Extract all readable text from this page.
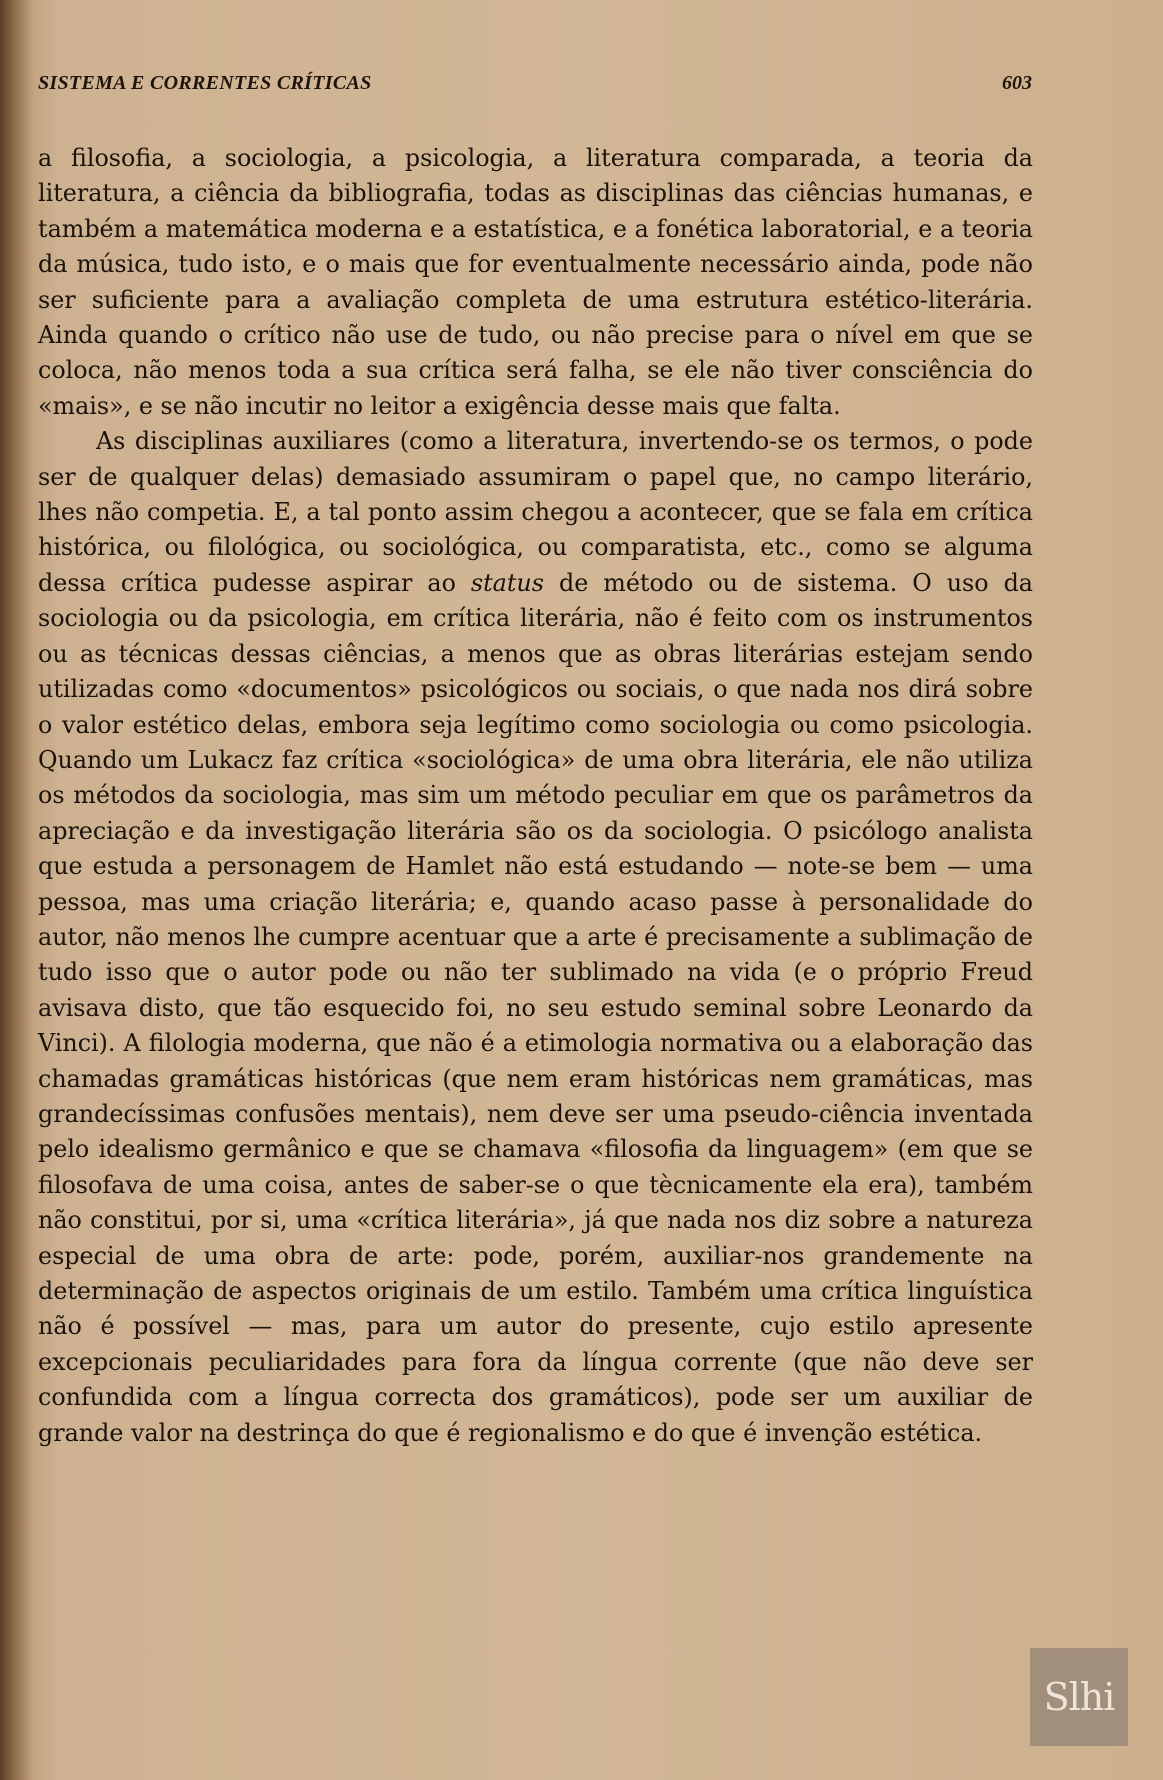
SISTEMA E CORRENTES CRÍTICAS	603

a filosofia, a sociologia, a psicologia, a literatura comparada, a teoria da literatura, a ciência da bibliografia, todas as disciplinas das ciências humanas, e também a matemática moderna e a estatística, e a fonética laboratorial, e a teoria da música, tudo isto, e o mais que for eventualmente necessário ainda, pode não ser suficiente para a avaliação completa de uma estrutura estético-literária. Ainda quando o crítico não use de tudo, ou não precise para o nível em que se coloca, não menos toda a sua crítica será falha, se ele não tiver consciência do «mais», e se não incutir no leitor a exigência desse mais que falta.

As disciplinas auxiliares (como a literatura, invertendo-se os termos, o pode ser de qualquer delas) demasiado assumiram o papel que, no campo literário, lhes não competia. E, a tal ponto assim chegou a acontecer, que se fala em crítica histórica, ou filológica, ou sociológica, ou comparatista, etc., como se alguma dessa crítica pudesse aspirar ao status de método ou de sistema. O uso da sociologia ou da psicologia, em crítica literária, não é feito com os instrumentos ou as técnicas dessas ciências, a menos que as obras literárias estejam sendo utilizadas como «documentos» psicológicos ou sociais, o que nada nos dirá sobre o valor estético delas, embora seja legítimo como sociologia ou como psicologia. Quando um Lukacz faz crítica «sociológica» de uma obra literária, ele não utiliza os métodos da sociologia, mas sim um método peculiar em que os parâmetros da apreciação e da investigação literária são os da sociologia. O psicólogo analista que estuda a personagem de Hamlet não está estudando — note-se bem — uma pessoa, mas uma criação literária; e, quando acaso passe à personalidade do autor, não menos lhe cumpre acentuar que a arte é precisamente a sublimação de tudo isso que o autor pode ou não ter sublimado na vida (e o próprio Freud avisava disto, que tão esquecido foi, no seu estudo seminal sobre Leonardo da Vinci). A filologia moderna, que não é a etimologia normativa ou a elaboração das chamadas gramáticas históricas (que nem eram históricas nem gramáticas, mas grandecíssimas confusões mentais), nem deve ser uma pseudo-ciência inventada pelo idealismo germânico e que se chamava «filosofia da linguagem» (em que se filosofava de uma coisa, antes de saber-se o que tècnicamente ela era), também não constitui, por si, uma «crítica literária», já que nada nos diz sobre a natureza especial de uma obra de arte: pode, porém, auxiliar-nos grandemente na determinação de aspectos originais de um estilo. Também uma crítica linguística não é possível — mas, para um autor do presente, cujo estilo apresente excepcionais peculiaridades para fora da língua corrente (que não deve ser confundida com a língua correcta dos gramáticos), pode ser um auxiliar de grande valor na destrinça do que é regionalismo e do que é invenção estética.

Slhi
